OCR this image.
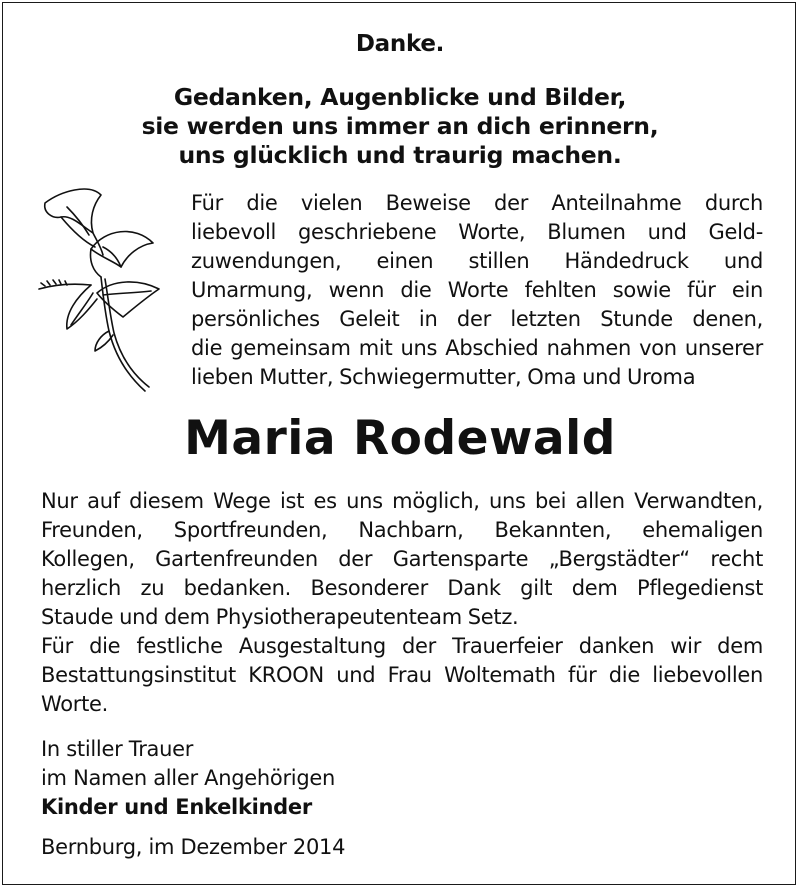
Danke.
Gedanken, Augenblicke und Bilder,
sie werden uns immer an dich erinnern,
uns glücklich und traurig machen.
Für die vielen Beweise der Anteilnahme durch
liebevoll geschriebene Worte, Blumen und Geld-
zuwendungen, einen stillen Händedruck und
Umarmung, wenn die Worte fehlten sowie für ein
persönliches Geleit in der letzten Stunde denen,
die gemeinsam mit uns Abschied nahmen von unserer
lieben Mutter, Schwiegermutter, Oma und Uroma
Maria Rodewald
Nur auf diesem Wege ist es uns möglich, uns bei allen Verwandten,
Freunden, Sportfreunden, Nachbarn, Bekannten, ehemaligen
Kollegen, Gartenfreunden der Gartensparte „Bergstädter“ recht
herzlich zu bedanken. Besonderer Dank gilt dem Pflegedienst
Staude und dem Physiotherapeutenteam Setz.
Für die festliche Ausgestaltung der Trauerfeier danken wir dem
Bestattungsinstitut KROON und Frau Woltemath für die liebevollen
Worte.
In stiller Trauer
im Namen aller Angehörigen
Kinder und Enkelkinder
Bernburg, im Dezember 2014
